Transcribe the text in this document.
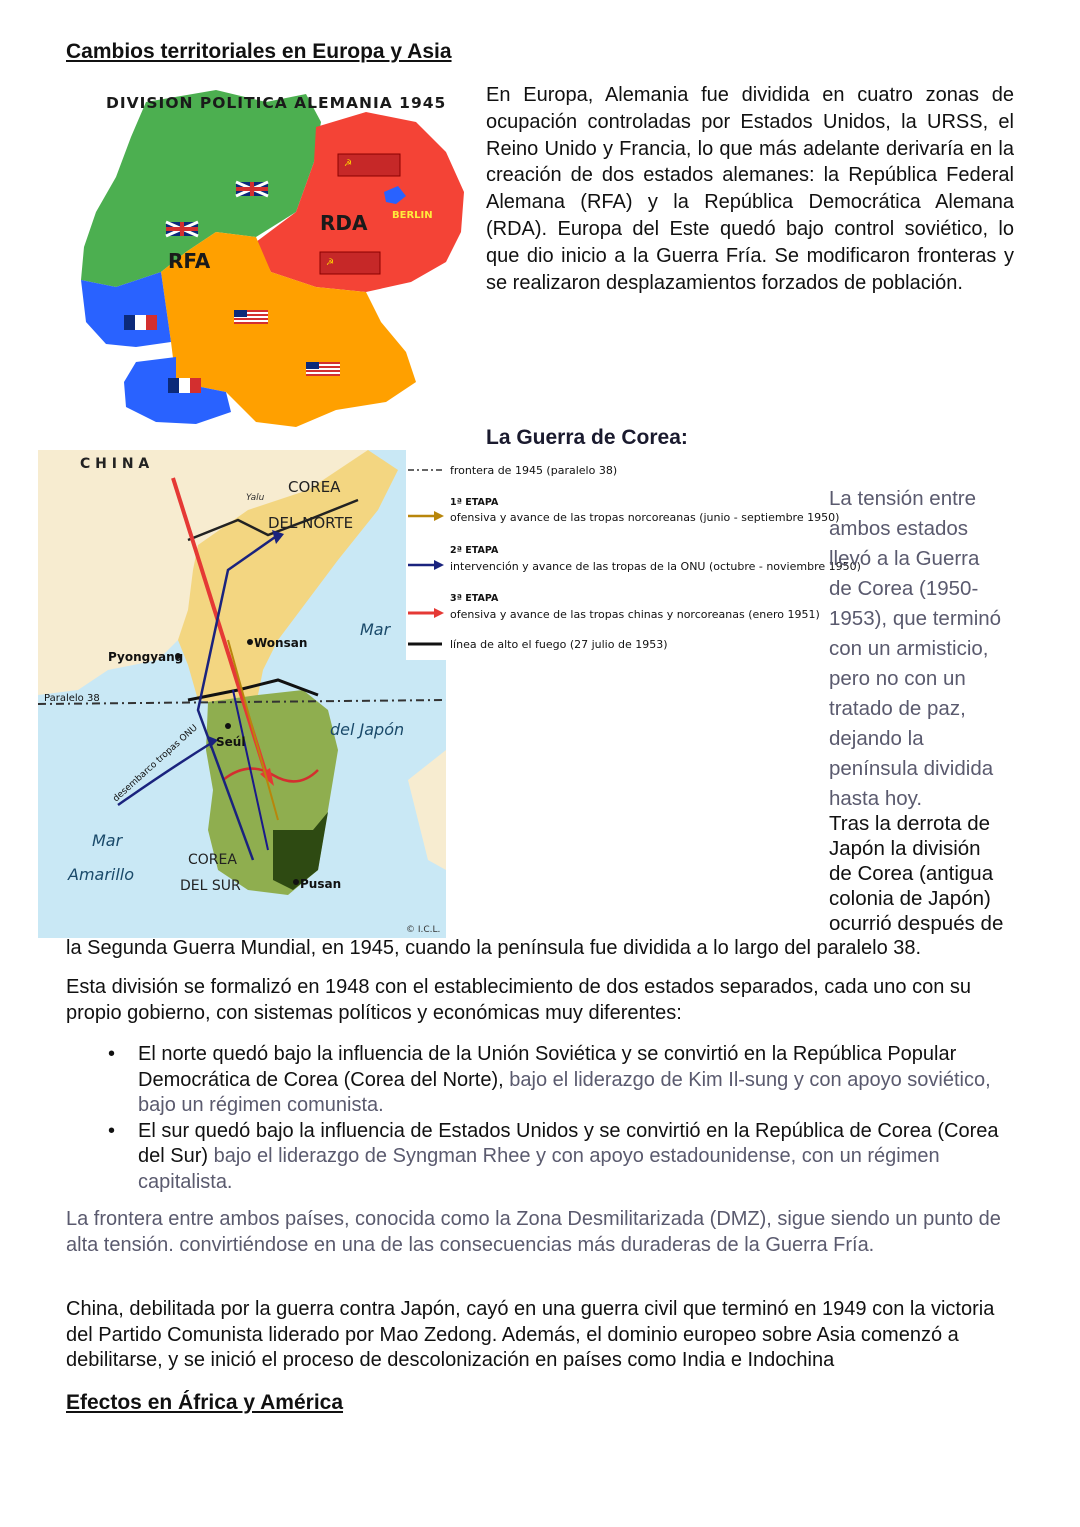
Cambios territoriales en Europa y Asia
☭
☭
DIVISION POLITICA ALEMANIA 1945
RFA
RDA BERLIN
En Europa, Alemania fue dividida en cuatro zonas de ocupación controladas por Estados Unidos, la URSS, el Reino Unido y Francia, lo que más adelante derivaría en la creación de dos estados alemanes: la República Federal Alemana (RFA) y la República Democrática Alemana (RDA). Europa del Este quedó bajo control soviético, lo que dio inicio a la Guerra Fría. Se modificaron fronteras y se realizaron desplazamientos forzados de población.
La Guerra de Corea:
C H I N A
Yalu
COREA
DEL NORTE
Pyongyang
Wonsan
Paralelo 38
Seúl
desembarco tropas ONU
Mar
del Japón
Mar
Amarillo
COREA
DEL SUR	Pusan
© I.C.L.
frontera de 1945 (paralelo 38)
1ª ETAPA
ofensiva y avance de las tropas norcoreanas (junio - septiembre 1950)
2ª ETAPA
intervención y avance de las tropas de la ONU (octubre - noviembre 1950)
3ª ETAPA
ofensiva y avance de las tropas chinas y norcoreanas (enero 1951)
línea de alto el fuego (27 julio de 1953)
La tensión entre
ambos estados
llevó a la Guerra
de Corea (1950-
1953), que terminó
con un armisticio,
pero no con un
tratado de paz,
dejando la
península dividida
hasta hoy.
Tras la derrota de
Japón la división
de Corea (antigua
colonia de Japón)
ocurrió después de
la Segunda Guerra Mundial, en 1945, cuando la península fue dividida a lo largo del paralelo 38.
Esta división se formalizó en 1948 con el establecimiento de dos estados separados, cada uno con su propio gobierno, con sistemas políticos y económicas muy diferentes:
• El norte quedó bajo la influencia de la Unión Soviética y se convirtió en la República Popular Democrática de Corea (Corea del Norte), bajo el liderazgo de Kim Il-sung y con apoyo soviético, bajo un régimen comunista.
• El sur quedó bajo la influencia de Estados Unidos y se convirtió en la República de Corea (Corea del Sur) bajo el liderazgo de Syngman Rhee y con apoyo estadounidense, con un régimen capitalista.
La frontera entre ambos países, conocida como la Zona Desmilitarizada (DMZ), sigue siendo un punto de alta tensión. convirtiéndose en una de las consecuencias más duraderas de la Guerra Fría.
China, debilitada por la guerra contra Japón, cayó en una guerra civil que terminó en 1949 con la victoria del Partido Comunista liderado por Mao Zedong. Además, el dominio europeo sobre Asia comenzó a debilitarse, y se inició el proceso de descolonización en países como India e Indochina
Efectos en África y América
